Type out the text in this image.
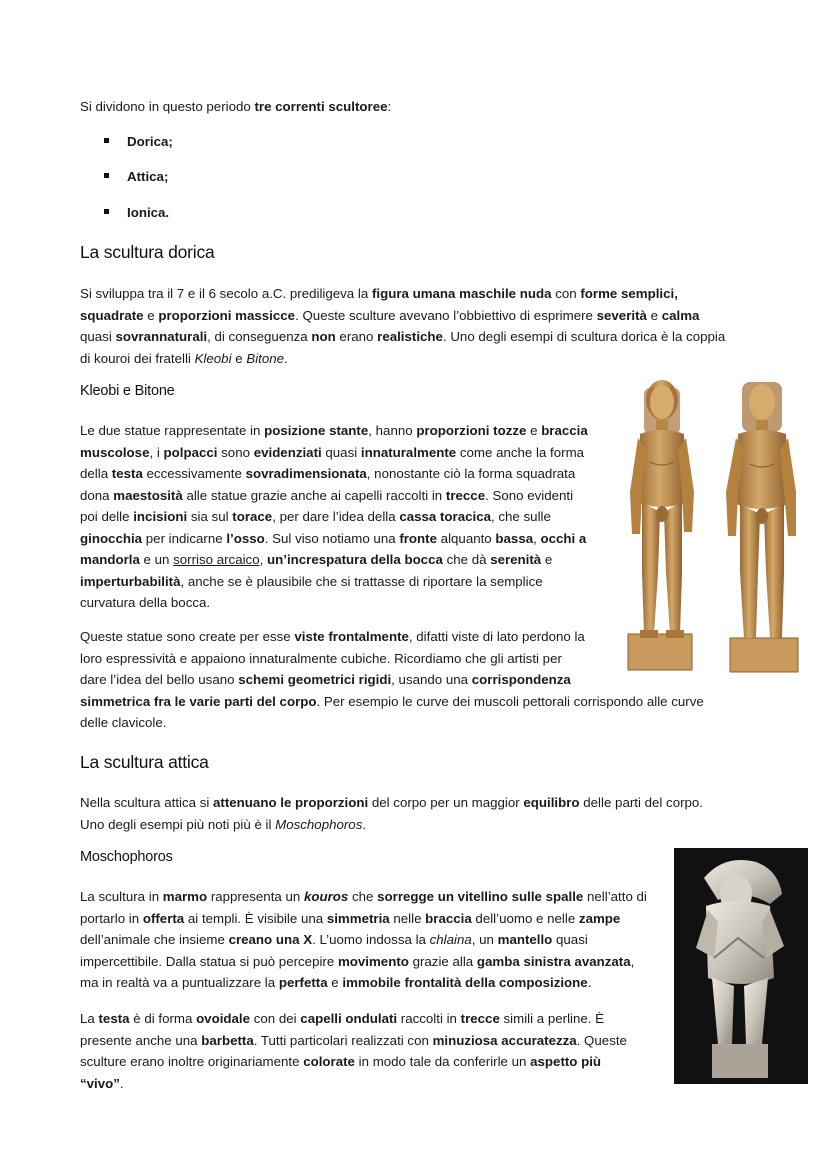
Si dividono in questo periodo tre correnti scultoree:

Dorica;
Attica;
Ionica.
La scultura dorica

Si sviluppa tra il 7 e il 6 secolo a.C. prediligeva la figura umana maschile nuda con forme semplici,

squadrate e proporzioni massicce. Queste sculture avevano l’obbiettivo di esprimere severità e calma

quasi sovrannaturali, di conseguenza non erano realistiche. Uno degli esempi di scultura dorica è la coppia

di kouroi dei fratelli Kleobi e Bitone.

Kleobi e Bitone

Le due statue rappresentate in posizione stante, hanno proporzioni tozze e braccia

muscolose, i polpacci sono evidenziati quasi innaturalmente come anche la forma

della testa eccessivamente sovradimensionata, nonostante ciò la forma squadrata

dona maestosità alle statue grazie anche ai capelli raccolti in trecce. Sono evidenti

poi delle incisioni sia sul torace, per dare l’idea della cassa toracica, che sulle

ginocchia per indicarne l’osso. Sul viso notiamo una fronte alquanto bassa, occhi a

mandorla e un sorriso arcaico, un’increspatura della bocca che dà serenità e

imperturbabilità, anche se è plausibile che si trattasse di riportare la semplice

curvatura della bocca.

Queste statue sono create per esse viste frontalmente, difatti viste di lato perdono la

loro espressività e appaiono innaturalmente cubiche. Ricordiamo che gli artisti per

dare l’idea del bello usano schemi geometrici rigidi, usando una corrispondenza

simmetrica fra le varie parti del corpo. Per esempio le curve dei muscoli pettorali corrispondo alle curve

delle clavicole.

La scultura attica

Nella scultura attica si attenuano le proporzioni del corpo per un maggior equilibro delle parti del corpo.

Uno degli esempi più noti più è il Moschophoros.

Moschophoros

La scultura in marmo rappresenta un kouros che sorregge un vitellino sulle spalle nell’atto di

portarlo in offerta ai templi. È visibile una simmetria nelle braccia dell’uomo e nelle zampe

dell’animale che insieme creano una X. L’uomo indossa la chlaina, un mantello quasi

impercettibile. Dalla statua si può percepire movimento grazie alla gamba sinistra avanzata,

ma in realtà va a puntualizzare la perfetta e immobile frontalità della composizione.

La testa è di forma ovoidale con dei capelli ondulati raccolti in trecce simili a perline. È

presente anche una barbetta. Tutti particolari realizzati con minuziosa accuratezza. Queste

sculture erano inoltre originariamente colorate in modo tale da conferirle un aspetto più

“vivo”.
